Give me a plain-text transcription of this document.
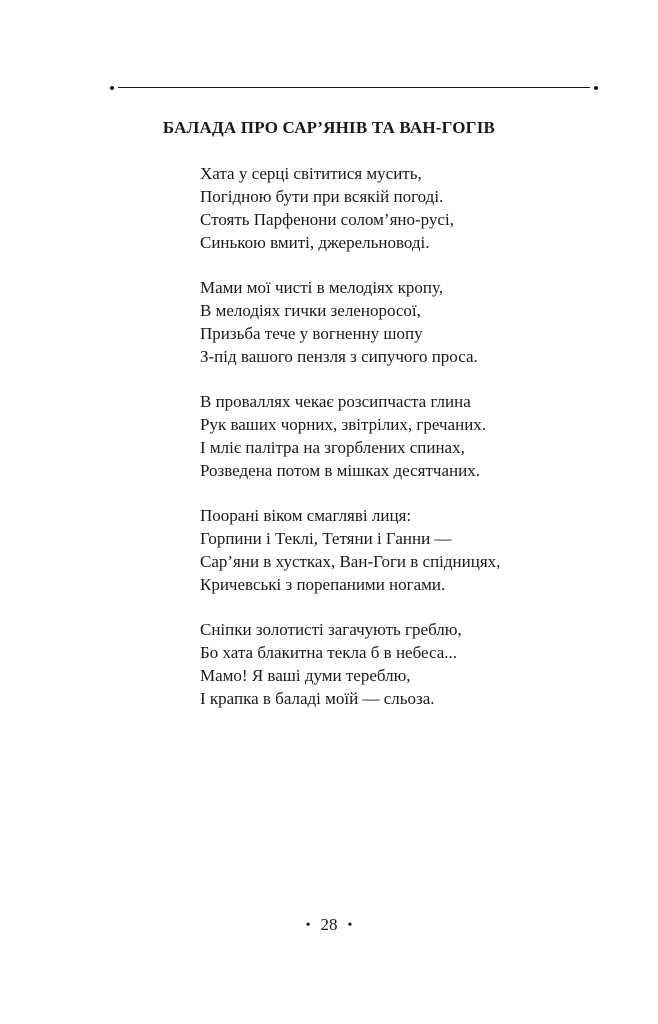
БАЛАДА ПРО САР’ЯНІВ ТА ВАН-ГОГІВ
Хата у серці світитися мусить,
Погідною бути при всякій погоді.
Стоять Парфенони солом’яно-русі,
Синькою вмиті, джерельноводі.
Мами мої чисті в мелодіях кропу,
В мелодіях гички зеленоросої,
Призьба тече у вогненну шопу
З-під вашого пензля з сипучого проса.
В проваллях чекає розсипчаста глина
Рук ваших чорних, звітрілих, гречаних.
І мліє палітра на згорблених спинах,
Розведена потом в мішках десятчаних.
Поорані віком смагляві лиця:
Горпини і Теклі, Тетяни і Ганни —
Сар’яни в хустках, Ван-Гоги в спідницях,
Кричевські з порепаними ногами.
Сніпки золотисті загачують греблю,
Бо хата блакитна текла б в небеса...
Мамо! Я ваші думи тереблю,
І крапка в баладі моїй — сльоза.
• 28 •
